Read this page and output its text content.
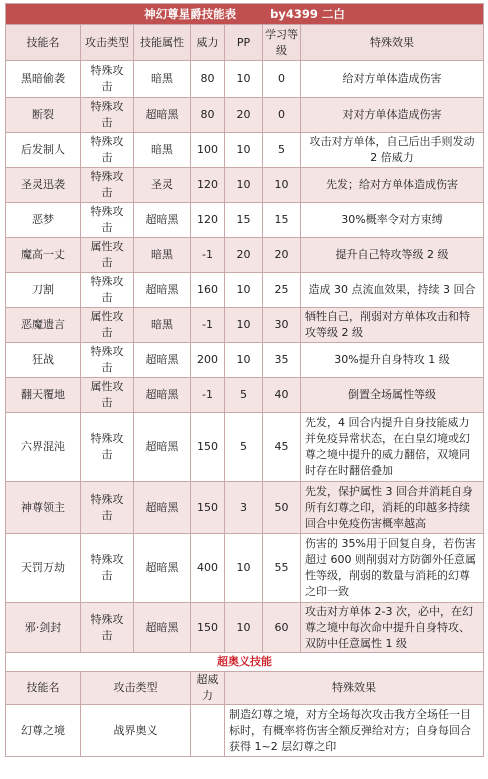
神幻尊星爵技能表 by4399 二白						
技能名	攻击类型	技能属性	威力	PP	学习等级	特殊效果
黑暗偷袭	特殊攻击	暗黑	80	10	0	给对方单体造成伤害
断裂	特殊攻击	超暗黑	80	20	0	对对方单体造成伤害
后发制人	特殊攻击	暗黑	100	10	5	攻击对方单体，自己后出手则发动 2 倍威力
圣灵迅袭	特殊攻击	圣灵	120	10	10	先发；给对方单体造成伤害
恶梦	特殊攻击	超暗黑	120	15	15	30%概率令对方束缚
魔高一丈	属性攻击	暗黑	-1	20	20	提升自己特攻等级 2 级
刀割	特殊攻击	超暗黑	160	10	25	造成 30 点流血效果，持续 3 回合
恶魔遗言	属性攻击	暗黑	-1	10	30	牺牲自己，削弱对方单体攻击和特攻等级 2 级
狂战	特殊攻击	超暗黑	200	10	35	30%提升自身特攻 1 级
翻天覆地	属性攻击	超暗黑	-1	5	40	倒置全场属性等级
六界混沌	特殊攻击	超暗黑	150	5	45	先发，4 回合内提升自身技能威力并免疫异常状态，在白皇幻境或幻尊之境中提升的威力翻倍，双境同时存在时翻倍叠加
神尊领主	特殊攻击	超暗黑	150	3	50	先发，保护属性 3 回合并消耗自身所有幻尊之印，消耗的印越多持续回合中免疫伤害概率越高
天罚万劫	特殊攻击	超暗黑	400	10	55	伤害的 35%用于回复自身，若伤害超过 600 则削弱对方防御外任意属性等级，削弱的数量与消耗的幻尊之印一致
邪·剑封	特殊攻击	超暗黑	150	10	60	攻击对方单体 2-3 次，必中，在幻尊之境中每次命中提升自身特攻、双防中任意属性 1 级
超奥义技能						
技能名	攻击类型		超威力	特殊效果		
幻尊之境	战界奥义			制造幻尊之境，对方全场每次攻击我方全场任一目标时，有概率将伤害全额反弹给对方；自身每回合获得 1~2 层幻尊之印		
